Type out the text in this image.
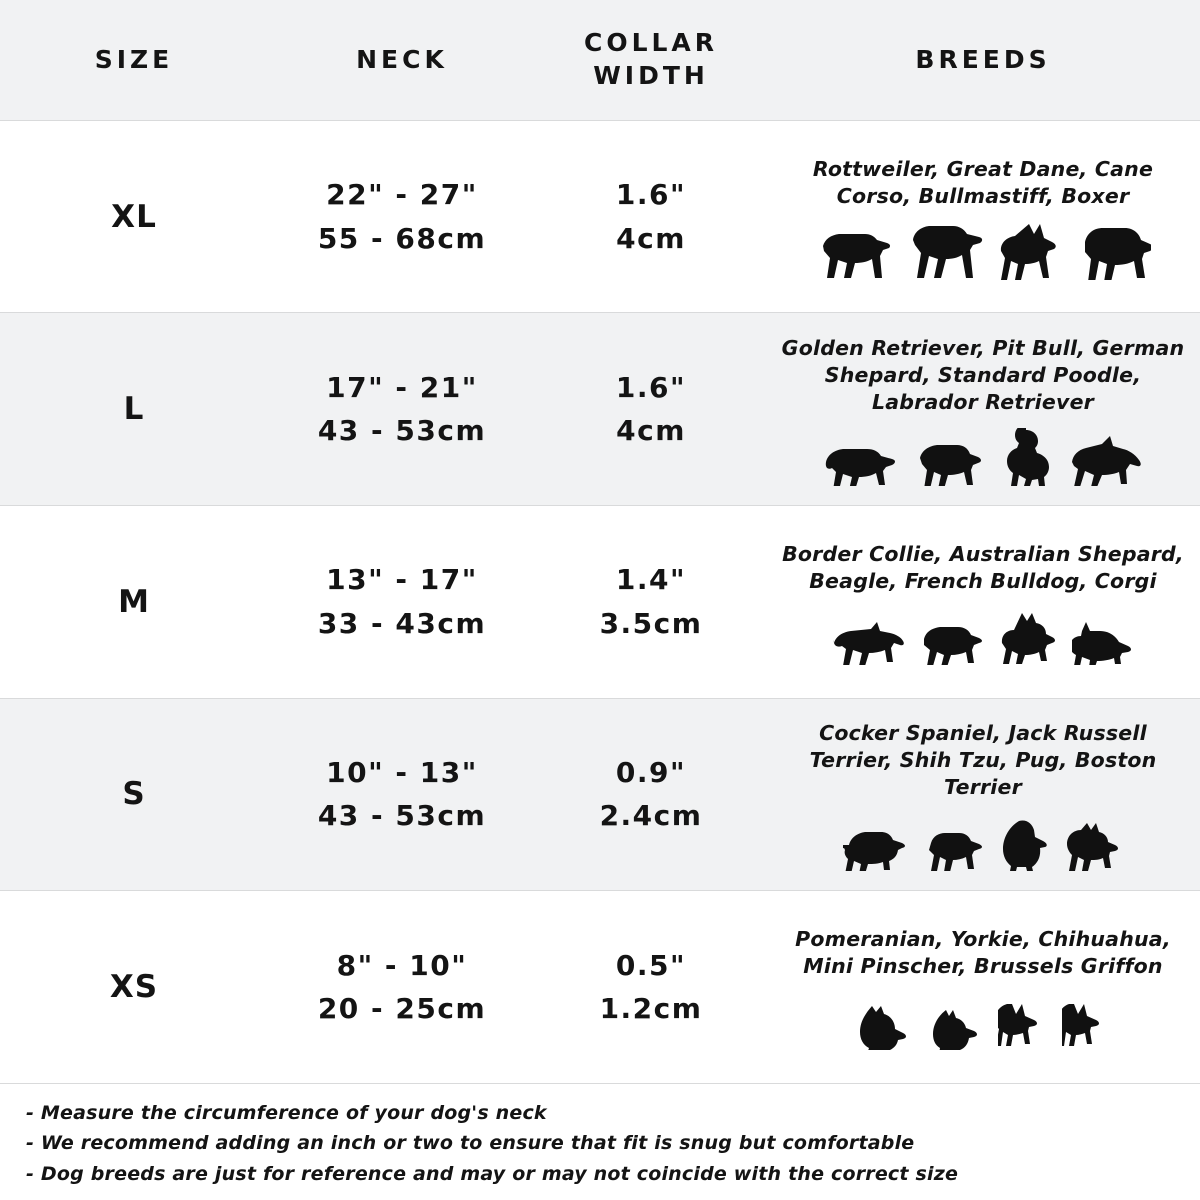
SIZE	NECK
COLLAR
WIDTH
BREEDS
XL
22" - 27"
55 - 68cm
1.6"
4cm
Rottweiler, Great Dane, Cane Corso, Bullmastiff, Boxer
L
17" - 21"
43 - 53cm
1.6"
4cm
Golden Retriever, Pit Bull, German Shepard, Standard Poodle, Labrador Retriever
M
13" - 17"
33 - 43cm
1.4"
3.5cm
Border Collie, Australian Shepard, Beagle, French Bulldog, Corgi
S
10" - 13"
43 - 53cm
0.9"
2.4cm
Cocker Spaniel, Jack Russell Terrier, Shih Tzu, Pug, Boston Terrier
XS
8" - 10"
20 - 25cm
0.5"
1.2cm
Pomeranian, Yorkie, Chihuahua, Mini Pinscher, Brussels Griffon
- Measure the circumference of your dog's neck
- We recommend adding an inch or two to ensure that fit is snug but comfortable
- Dog breeds are just for reference and may or may not coincide with the correct size
